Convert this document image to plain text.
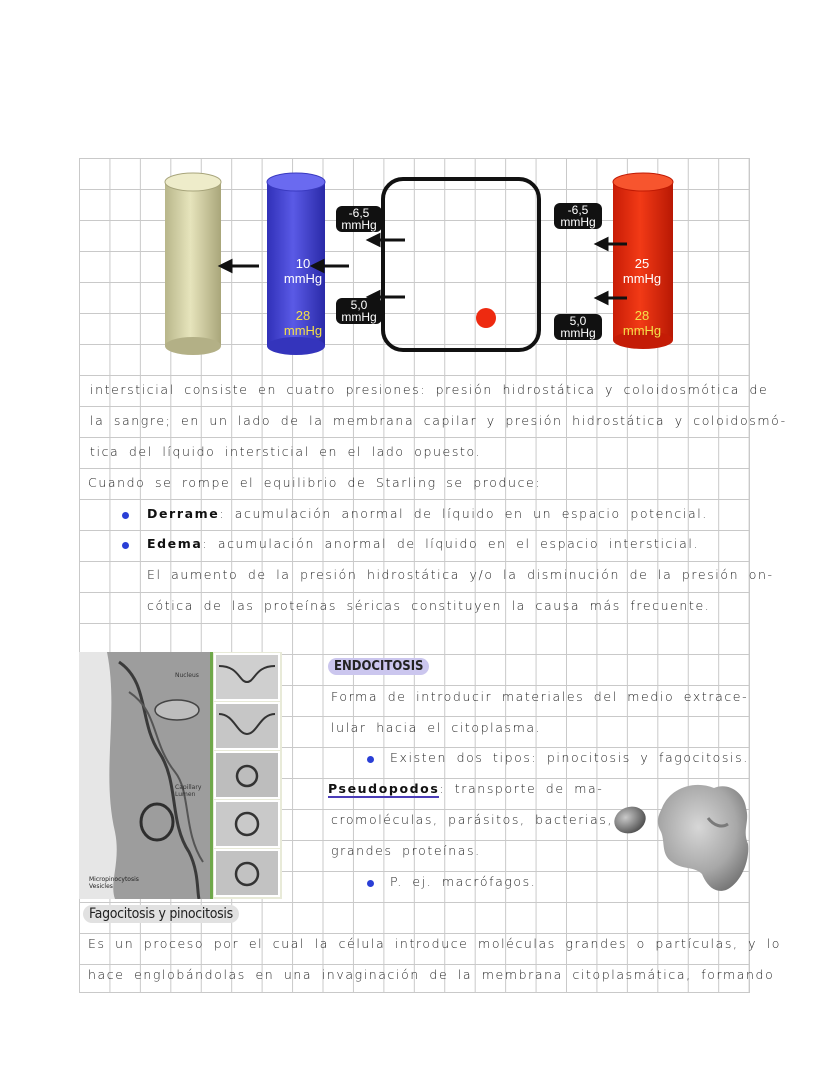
10
mmHg
28
mmHg
25
mmHg
28
mmHg
-6,5
mmHg
5,0
mmHg
-6,5
mmHg
5,0
mmHg
intersticial consiste en cuatro presiones: presión hidrostática y coloidosmótica de
la sangre; en un lado de la membrana capilar y presión hidrostática y coloidosmó-
tica del líquido intersticial en el lado opuesto.
Cuando se rompe el equilibrio de Starling se produce:
Derrame: acumulación anormal de líquido en un espacio potencial.
Edema: acumulación anormal de líquido en el espacio intersticial.
El aumento de la presión hidrostática y/o la disminución de la presión on-
cótica de las proteínas séricas constituyen la causa más frecuente.
Nucleus
Capillary
Lumen
Micropinocytosis
Vesicles
ENDOCITOSIS
Forma de introducir materiales del medio extrace-
lular hacia el citoplasma.
Existen dos tipos: pinocitosis y fagocitosis.
Pseudopodos: transporte de ma-
cromoléculas, parásitos, bacterias,
grandes proteínas.
P. ej. macrófagos.
Fagocitosis y pinocitosis
Es un proceso por el cual la célula introduce moléculas grandes o partículas, y lo
hace englobándolas en una invaginación de la membrana citoplasmática, formando
